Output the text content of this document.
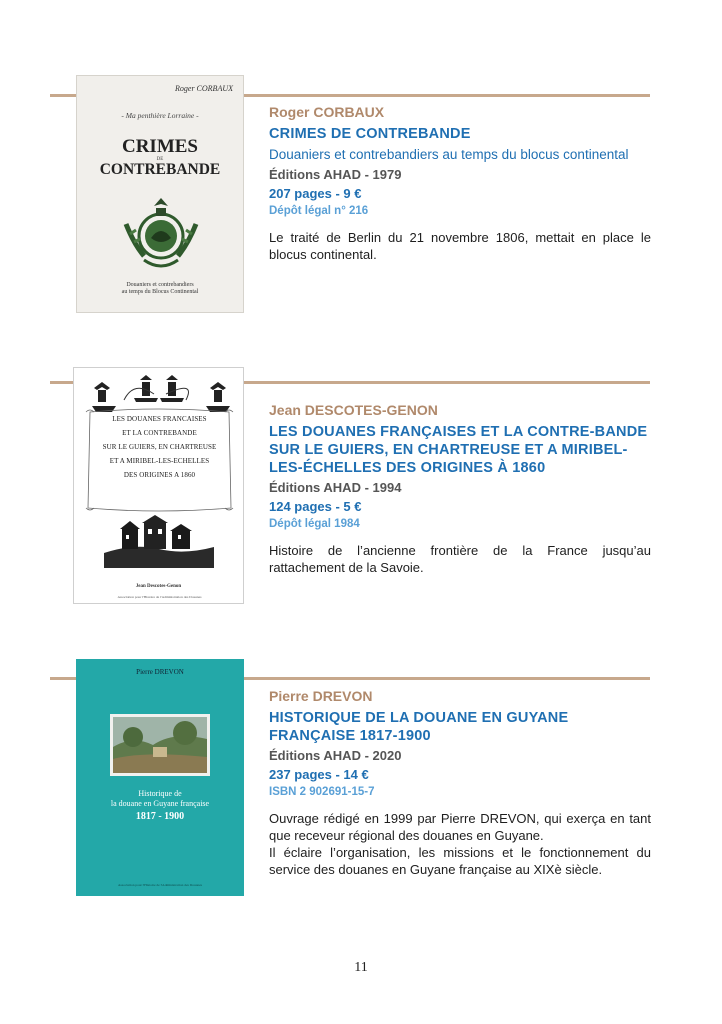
Roger CORBAUX
- Ma penthière Lorraine -
CRIMES
DE
CONTREBANDE
Douaniers et contrebandiers
au temps du Blocus Continental
Roger CORBAUX
CRIMES DE CONTREBANDE
Douaniers et contrebandiers au temps du blocus continental
Éditions AHAD - 1979
207 pages - 9 €
Dépôt légal n° 216

Le traité de Berlin du 21 novembre 1806, mettait en place le blocus continental.

LES DOUANES FRANCAISES
ET LA CONTREBANDE
SUR LE GUIERS, EN CHARTREUSE
ET A MIRIBEL-LES-ECHELLES
DES ORIGINES A 1860
Jean Descotes-Genon
Association pour l'Histoire de l'Administration des Douanes
Jean DESCOTES-GENON
LES DOUANES FRANÇAISES ET LA CONTRE-BANDE SUR LE GUIERS, EN CHARTREUSE ET A MIRIBEL-LES-ÉCHELLES DES ORIGINES À 1860
Éditions AHAD - 1994
124 pages - 5 €
Dépôt légal 1984

Histoire de l’ancienne frontière de la France jusqu’au rattachement de la Savoie.

Pierre DREVON
Historique de
la douane en Guyane française
1817 - 1900
Association pour l'Histoire de l'Administration des Douanes
Pierre DREVON
HISTORIQUE DE LA DOUANE EN GUYANE FRANÇAISE 1817-1900
Éditions AHAD - 2020
237 pages - 14 €
ISBN 2 902691-15-7

Ouvrage rédigé en 1999 par Pierre DREVON, qui exerça en tant que receveur régional des douanes en Guyane.

Il éclaire l’organisation, les missions et le fonctionnement du service des douanes en Guyane française au XIXè siècle.

11
